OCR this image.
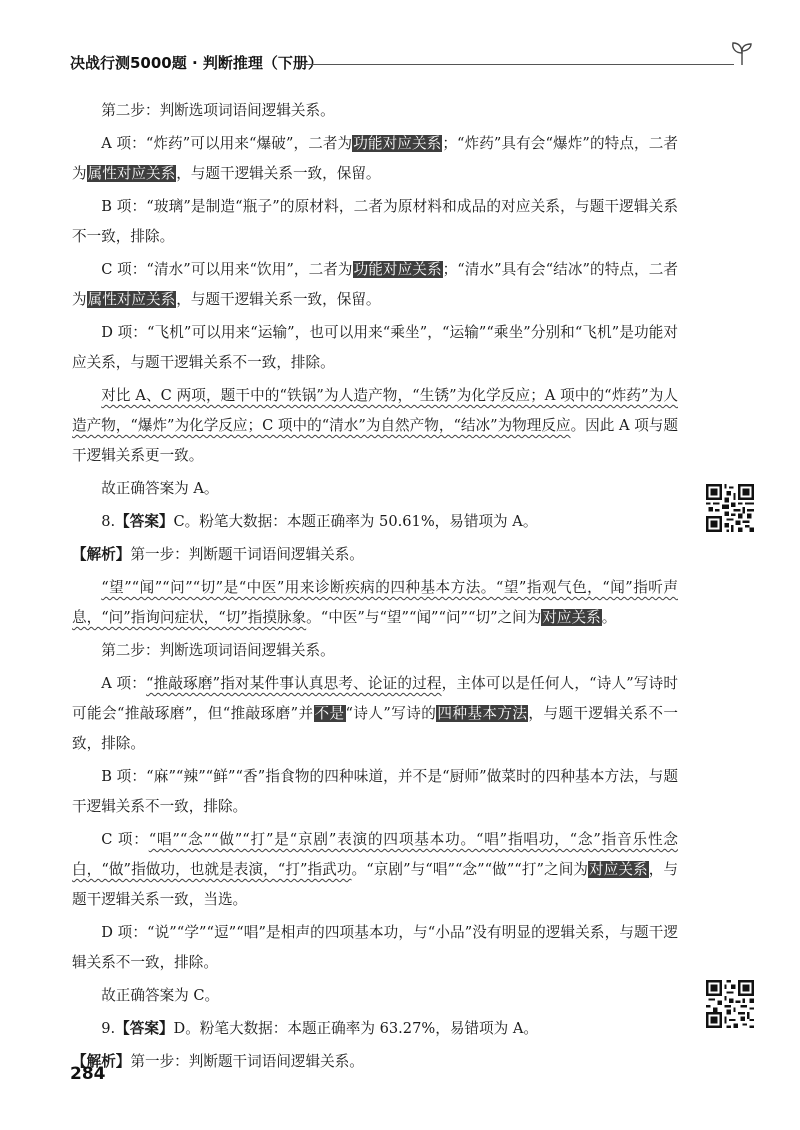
决战行测5000题 · 判断推理（下册）

第二步：判断选项词语间逻辑关系。

A 项：“炸药”可以用来“爆破”，二者为功能对应关系；“炸药”具有会“爆炸”的特点，二者为属性对应关系，与题干逻辑关系一致，保留。

B 项：“玻璃”是制造“瓶子”的原材料，二者为原材料和成品的对应关系，与题干逻辑关系不一致，排除。

C 项：“清水”可以用来“饮用”，二者为功能对应关系；“清水”具有会“结冰”的特点，二者为属性对应关系，与题干逻辑关系一致，保留。

D 项：“飞机”可以用来“运输”，也可以用来“乘坐”，“运输”“乘坐”分别和“飞机”是功能对应关系，与题干逻辑关系不一致，排除。

对比 A、C 两项，题干中的“铁锅”为人造产物，“生锈”为化学反应；A 项中的“炸药”为人造产物，“爆炸”为化学反应；C 项中的“清水”为自然产物，“结冰”为物理反应。因此 A 项与题干逻辑关系更一致。

故正确答案为 A。

8.【答案】C。粉笔大数据：本题正确率为 50.61%，易错项为 A。

【解析】第一步：判断题干词语间逻辑关系。

“望”“闻”“问”“切”是“中医”用来诊断疾病的四种基本方法。“望”指观气色，“闻”指听声息，“问”指询问症状，“切”指摸脉象。“中医”与“望”“闻”“问”“切”之间为对应关系。

第二步：判断选项词语间逻辑关系。

A 项：“推敲琢磨”指对某件事认真思考、论证的过程，主体可以是任何人，“诗人”写诗时可能会“推敲琢磨”，但“推敲琢磨”并不是“诗人”写诗的四种基本方法，与题干逻辑关系不一致，排除。

B 项：“麻”“辣”“鲜”“香”指食物的四种味道，并不是“厨师”做菜时的四种基本方法，与题干逻辑关系不一致，排除。

C 项：“唱”“念”“做”“打”是“京剧”表演的四项基本功。“唱”指唱功，“念”指音乐性念白，“做”指做功，也就是表演，“打”指武功。“京剧”与“唱”“念”“做”“打”之间为对应关系，与题干逻辑关系一致，当选。

D 项：“说”“学”“逗”“唱”是相声的四项基本功，与“小品”没有明显的逻辑关系，与题干逻辑关系不一致，排除。

故正确答案为 C。

9.【答案】D。粉笔大数据：本题正确率为 63.27%，易错项为 A。

【解析】第一步：判断题干词语间逻辑关系。

284
